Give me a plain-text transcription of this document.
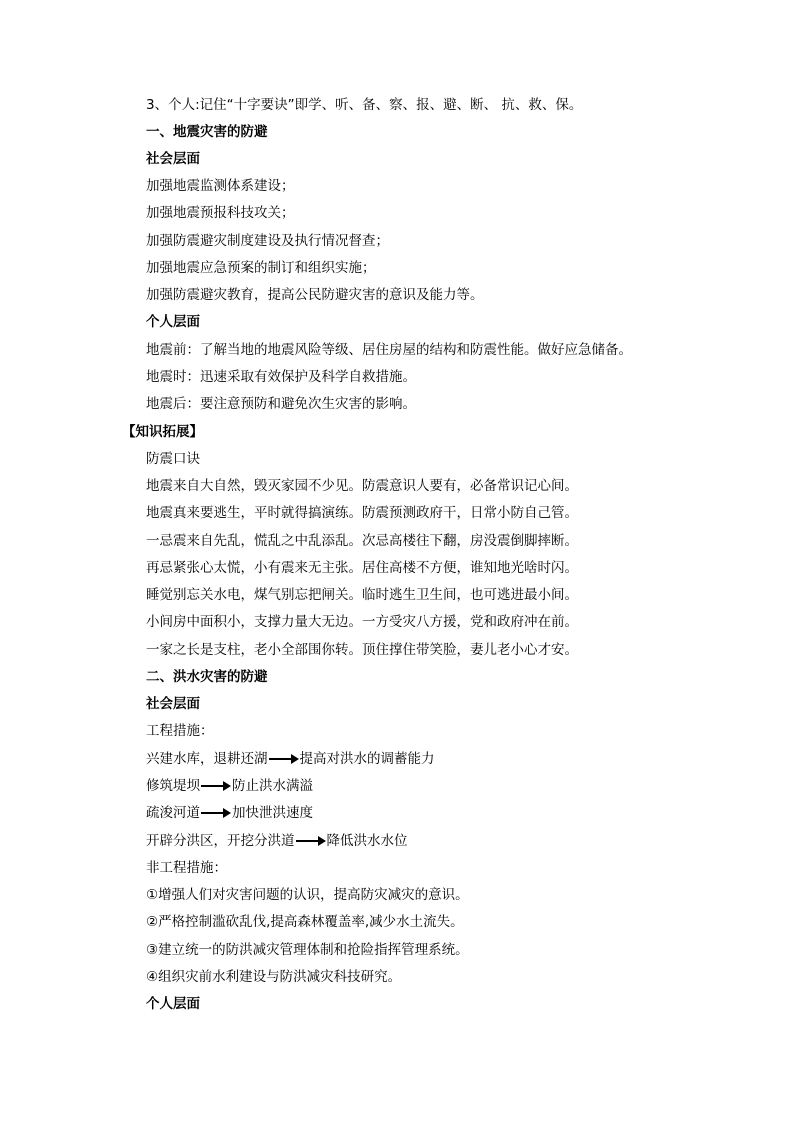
3、个人:记住“十字要诀”即学、听、备、察、报、避、断、 抗、救、保。
一、地震灾害的防避
社会层面
加强地震监测体系建设；
加强地震预报科技攻关；
加强防震避灾制度建设及执行情况督查；
加强地震应急预案的制订和组织实施；
加强防震避灾教育，提高公民防避灾害的意识及能力等。
个人层面
地震前：了解当地的地震风险等级、居住房屋的结构和防震性能。做好应急储备。
地震时：迅速采取有效保护及科学自救措施。
地震后：要注意预防和避免次生灾害的影响。
【知识拓展】
防震口诀
地震来自大自然，毁灭家园不少见。防震意识人要有，必备常识记心间。
地震真来要逃生，平时就得搞演练。防震预测政府干，日常小防自己管。
一忌震来自先乱，慌乱之中乱添乱。次忌高楼往下翻，房没震倒脚摔断。
再忌紧张心太慌，小有震来无主张。居住高楼不方便，谁知地光啥时闪。
睡觉别忘关水电，煤气别忘把闸关。临时逃生卫生间，也可逃进最小间。
小间房中面积小，支撑力量大无边。一方受灾八方援，党和政府冲在前。
一家之长是支柱，老小全部围你转。顶住撑住带笑脸，妻儿老小心才安。
二、洪水灾害的防避
社会层面
工程措施：
兴建水库，退耕还湖 提高对洪水的调蓄能力
修筑堤坝 防止洪水满溢
疏浚河道 加快泄洪速度
开辟分洪区，开挖分洪道 降低洪水水位
非工程措施：
①增强人们对灾害问题的认识，提高防灾减灾的意识。
②严格控制滥砍乱伐,提高森林覆盖率,减少水土流失。
③建立统一的防洪减灾管理体制和抢险指挥管理系统。
④组织灾前水利建设与防洪减灾科技研究。
个人层面
